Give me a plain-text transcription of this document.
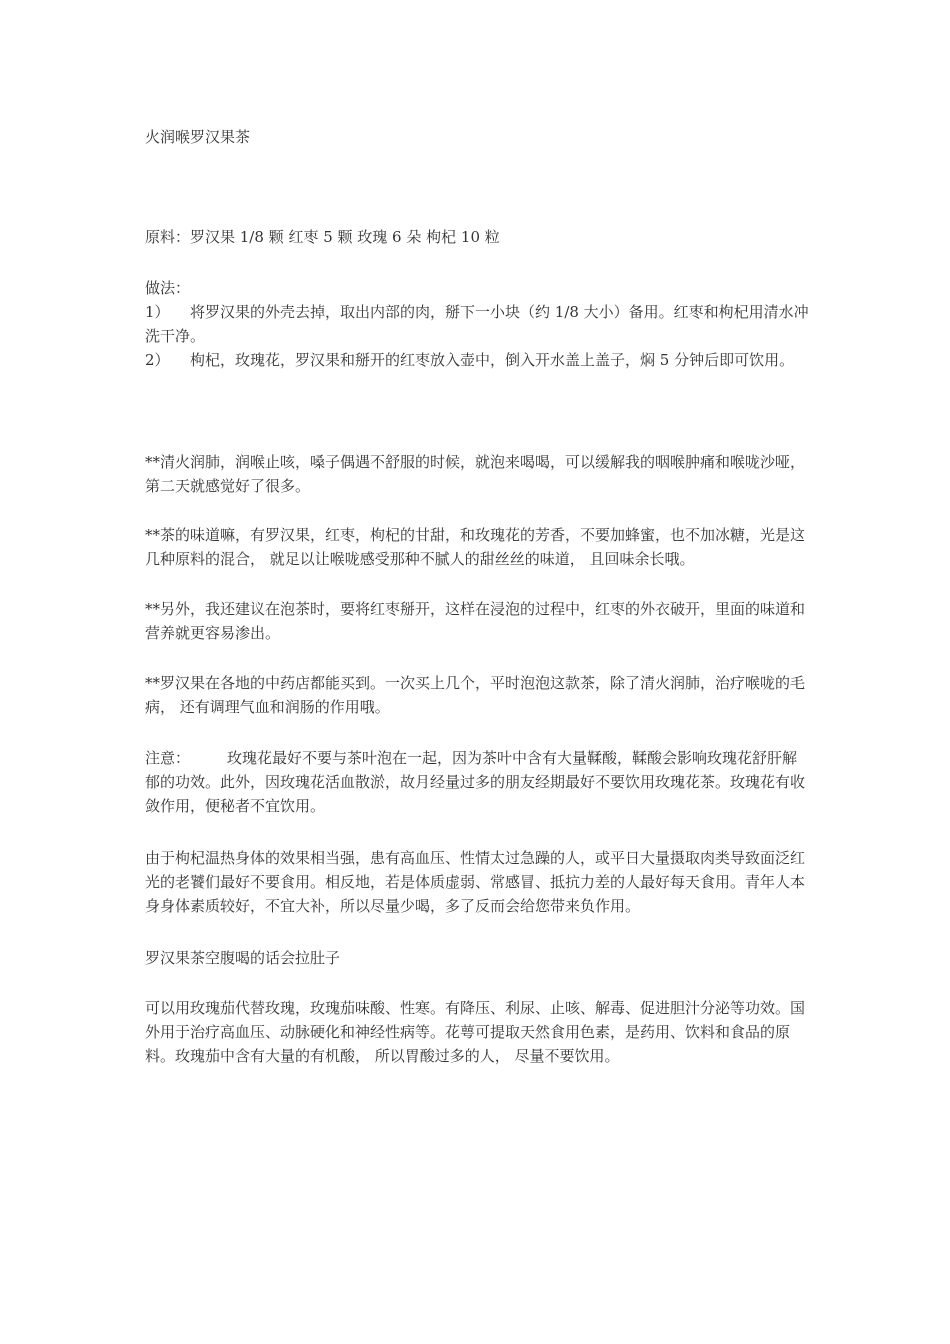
火润喉罗汉果茶
原料：罗汉果 1/8 颗 红枣 5 颗 玫瑰 6 朵 枸杞 10 粒
做法：
1） 将罗汉果的外壳去掉，取出内部的肉，掰下一小块（约 1/8 大小）备用。红枣和枸杞用清水冲洗干净。
2） 枸杞，玫瑰花，罗汉果和掰开的红枣放入壶中，倒入开水盖上盖子，焖 5 分钟后即可饮用。

**清火润肺，润喉止咳，嗓子偶遇不舒服的时候，就泡来喝喝，可以缓解我的咽喉肿痛和喉咙沙哑， 第二天就感觉好了很多。

**茶的味道嘛，有罗汉果，红枣，枸杞的甘甜，和玫瑰花的芳香，不要加蜂蜜，也不加冰糖，光是这几种原料的混合， 就足以让喉咙感受那种不腻人的甜丝丝的味道， 且回味余长哦。

**另外，我还建议在泡茶时，要将红枣掰开，这样在浸泡的过程中，红枣的外衣破开，里面的味道和营养就更容易渗出。

**罗汉果在各地的中药店都能买到。一次买上几个，平时泡泡这款茶，除了清火润肺，治疗喉咙的毛病， 还有调理气血和润肠的作用哦。

注意： 玫瑰花最好不要与茶叶泡在一起，因为茶叶中含有大量鞣酸，鞣酸会影响玫瑰花舒肝解郁的功效。此外，因玫瑰花活血散淤，故月经量过多的朋友经期最好不要饮用玫瑰花茶。玫瑰花有收敛作用，便秘者不宜饮用。

由于枸杞温热身体的效果相当强，患有高血压、性情太过急躁的人，或平日大量摄取肉类导致面泛红光的老饕们最好不要食用。相反地，若是体质虚弱、常感冒、抵抗力差的人最好每天食用。青年人本身身体素质较好，不宜大补，所以尽量少喝，多了反而会给您带来负作用。

罗汉果茶空腹喝的话会拉肚子

可以用玫瑰茄代替玫瑰，玫瑰茄味酸、性寒。有降压、利尿、止咳、解毒、促进胆汁分泌等功效。国外用于治疗高血压、动脉硬化和神经性病等。花萼可提取天然食用色素，是药用、饮料和食品的原料。玫瑰茄中含有大量的有机酸， 所以胃酸过多的人， 尽量不要饮用。
